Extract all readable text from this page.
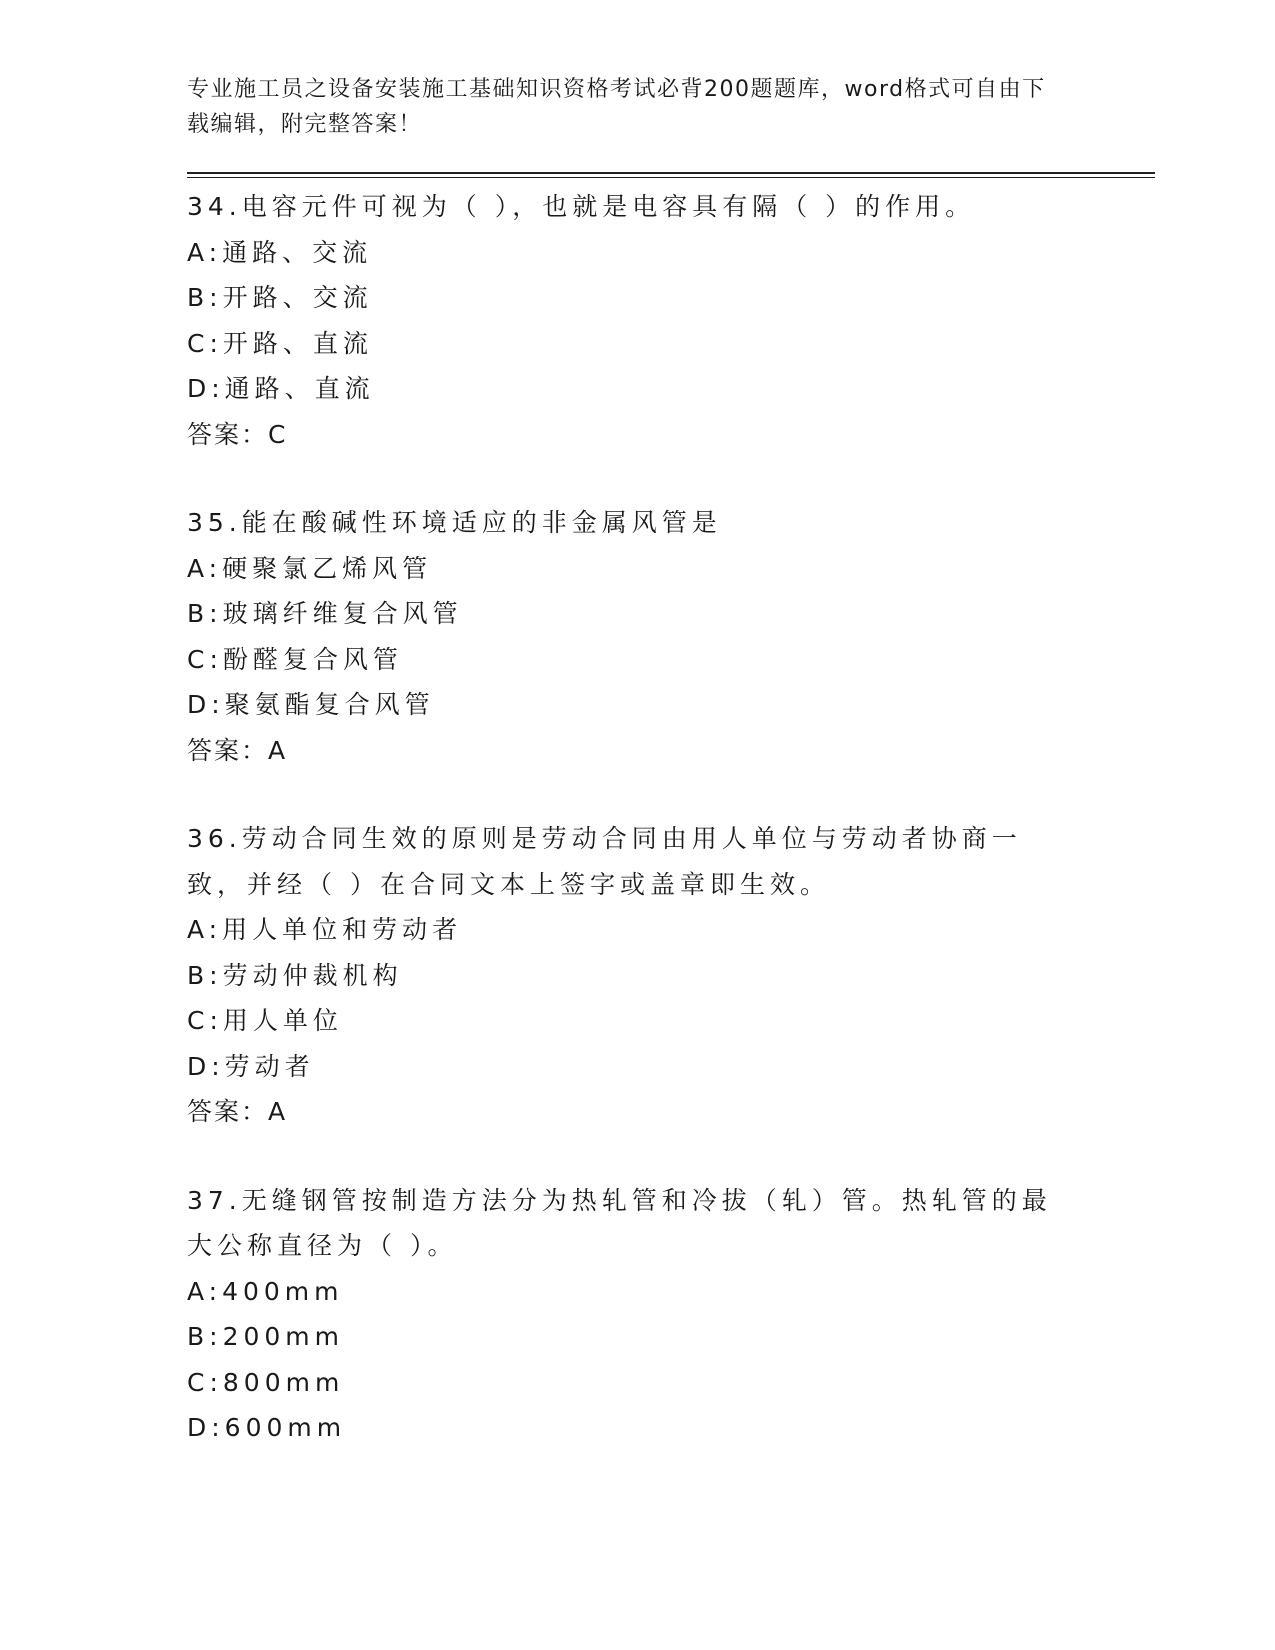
专业施工员之设备安装施工基础知识资格考试必背200题题库，word格式可自由下载编辑，附完整答案！

34.电容元件可视为（ ），也就是电容具有隔（ ）的作用。

A:通路、交流

B:开路、交流

C:开路、直流

D:通路、直流

答案：C

35.能在酸碱性环境适应的非金属风管是

A:硬聚氯乙烯风管

B:玻璃纤维复合风管

C:酚醛复合风管

D:聚氨酯复合风管

答案：A

36.劳动合同生效的原则是劳动合同由用人单位与劳动者协商一致，并经（ ）在合同文本上签字或盖章即生效。

A:用人单位和劳动者

B:劳动仲裁机构

C:用人单位

D:劳动者

答案：A

37.无缝钢管按制造方法分为热轧管和冷拔（轧）管。热轧管的最大公称直径为（ ）。

A:400mm

B:200mm

C:800mm

D:600mm
